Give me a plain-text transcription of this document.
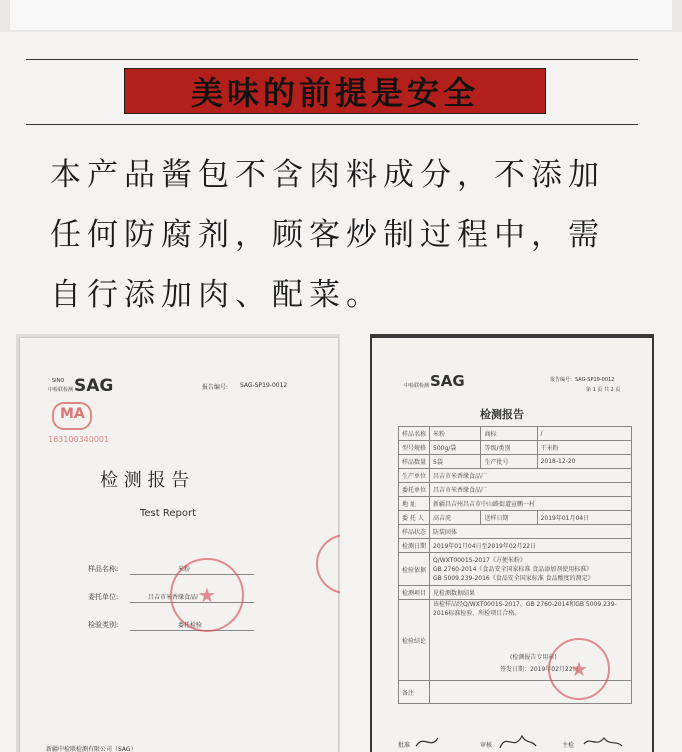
美味的前提是安全
本产品酱包不含肉料成分，不添加
任何防腐剂，顾客炒制过程中，需
自行添加肉、配菜。
SINO
中检联检测 SAG	报告编号: SAG-SP19-0012
MA
163100340001
检 测 报 告
Test Report
样品名称:	米粉
委托单位:	吕吉市米香缘食品厂
检验类别:	委托检验
★
新疆中检联检测有限公司（SAG）
中检联检测 SAG	报告编号：SAG-SP19-0012
第 1 页 共 2 页
检测报告
样品名称	米粉	商标	/
型号规格	500g/袋	等级/类别	干米粉
样品数量	5袋	生产批号	2018-12-20
生产单位	昌吉市米香缘食品厂		
委托单位	昌吉市米香缘食品厂		
地 址	新疆昌吉州昌吉市中山路街道宣鹏一村		
委 托 人	高吉虎	送样日期	2019年01月04日
样品状态	防装固体		
检测日期	2019年01月04日至2019年02月22日		
检验依据	Q/WXT0001S-2017《方便米粉》
GB 2760-2014《食品安全国家标准 食品添加剂使用标准》
GB 5009.239-2016《食品安全国家标准 食品酸度的测定》		

检测项目	见检测数据结果		
检验结论	该检样品经Q/WXT0001S-2017、GB 2760-2014和GB 5009.239-2016标准检验，所检项目合格。
(检测报告专用章)
签发日期：2019年02月22日		

备注			
★
批准	审核	主检
